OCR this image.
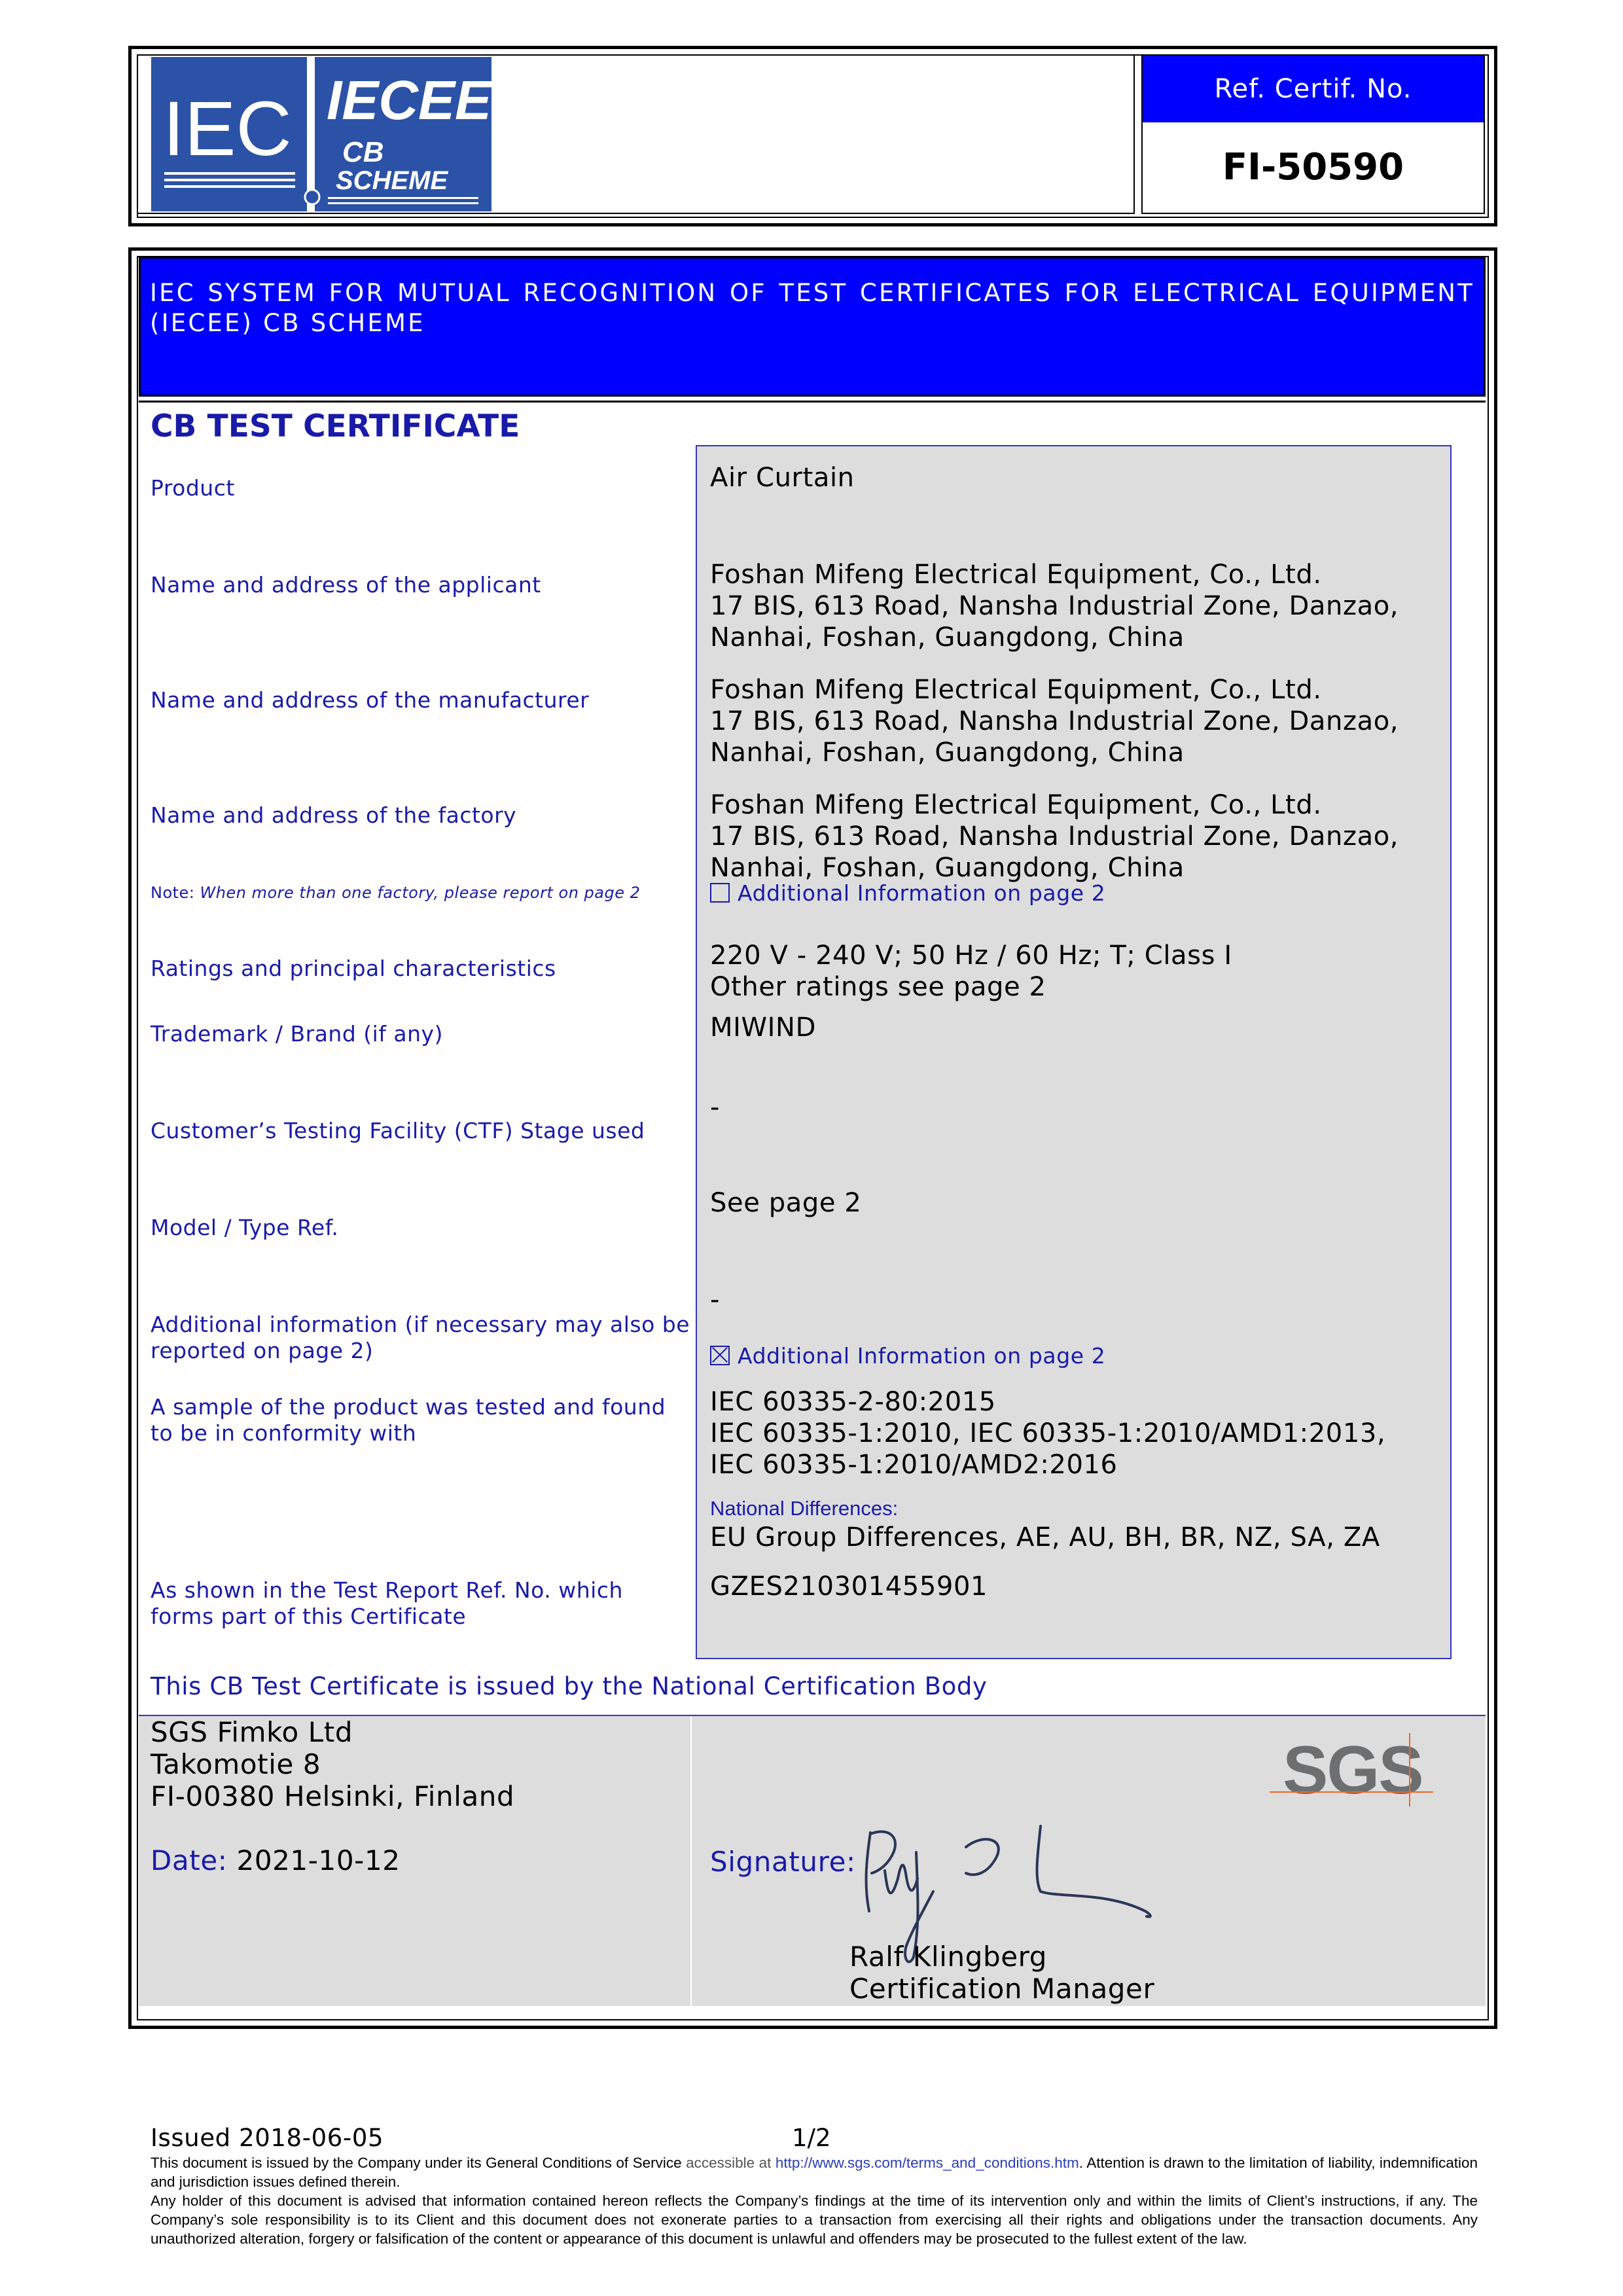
IEC IECEE
CB
SCHEME
Ref. Certif. No.
FI-50590
IEC SYSTEM FOR MUTUAL RECOGNITION OF TEST CERTIFICATES FOR ELECTRICAL EQUIPMENT (IECEE) CB SCHEME
CB TEST CERTIFICATE
Product
Name and address of the applicant
Name and address of the manufacturer
Name and address of the factory
Note: When more than one factory, please report on page 2
Ratings and principal characteristics
Trademark / Brand (if any)
Customer’s Testing Facility (CTF) Stage used
Model / Type Ref.
Additional information (if necessary may also be
reported on page 2)
A sample of the product was tested and found
to be in conformity with
As shown in the Test Report Ref. No. which
forms part of this Certificate
Air Curtain
Foshan Mifeng Electrical Equipment, Co., Ltd.
17 BIS, 613 Road, Nansha Industrial Zone, Danzao,
Nanhai, Foshan, Guangdong, China
Foshan Mifeng Electrical Equipment, Co., Ltd.
17 BIS, 613 Road, Nansha Industrial Zone, Danzao,
Nanhai, Foshan, Guangdong, China
Foshan Mifeng Electrical Equipment, Co., Ltd.
17 BIS, 613 Road, Nansha Industrial Zone, Danzao,
Nanhai, Foshan, Guangdong, China
Additional Information on page 2
220 V - 240 V; 50 Hz / 60 Hz; T; Class I
Other ratings see page 2
MIWIND
-
See page 2
-
Additional Information on page 2
IEC 60335-2-80:2015
IEC 60335-1:2010, IEC 60335-1:2010/AMD1:2013,
IEC 60335-1:2010/AMD2:2016
National Differences:
EU Group Differences, AE, AU, BH, BR, NZ, SA, ZA
GZES210301455901
This CB Test Certificate is issued by the National Certification Body
SGS Fimko Ltd
Takomotie 8
FI-00380 Helsinki, Finland
Date: 2021-10-12
SGS
Signature:
Ralf Klingberg
Certification Manager
Issued 2018-06-05	1/2
This document is issued by the Company under its General Conditions of Service accessible at http://www.sgs.com/terms_and_conditions.htm. Attention is drawn to the limitation of liability, indemnification and jurisdiction issues defined therein.
Any holder of this document is advised that information contained hereon reflects the Company’s findings at the time of its intervention only and within the limits of Client’s instructions, if any. The Company’s sole responsibility is to its Client and this document does not exonerate parties to a transaction from exercising all their rights and obligations under the transaction documents. Any unauthorized alteration, forgery or falsification of the content or appearance of this document is unlawful and offenders may be prosecuted to the fullest extent of the law.
